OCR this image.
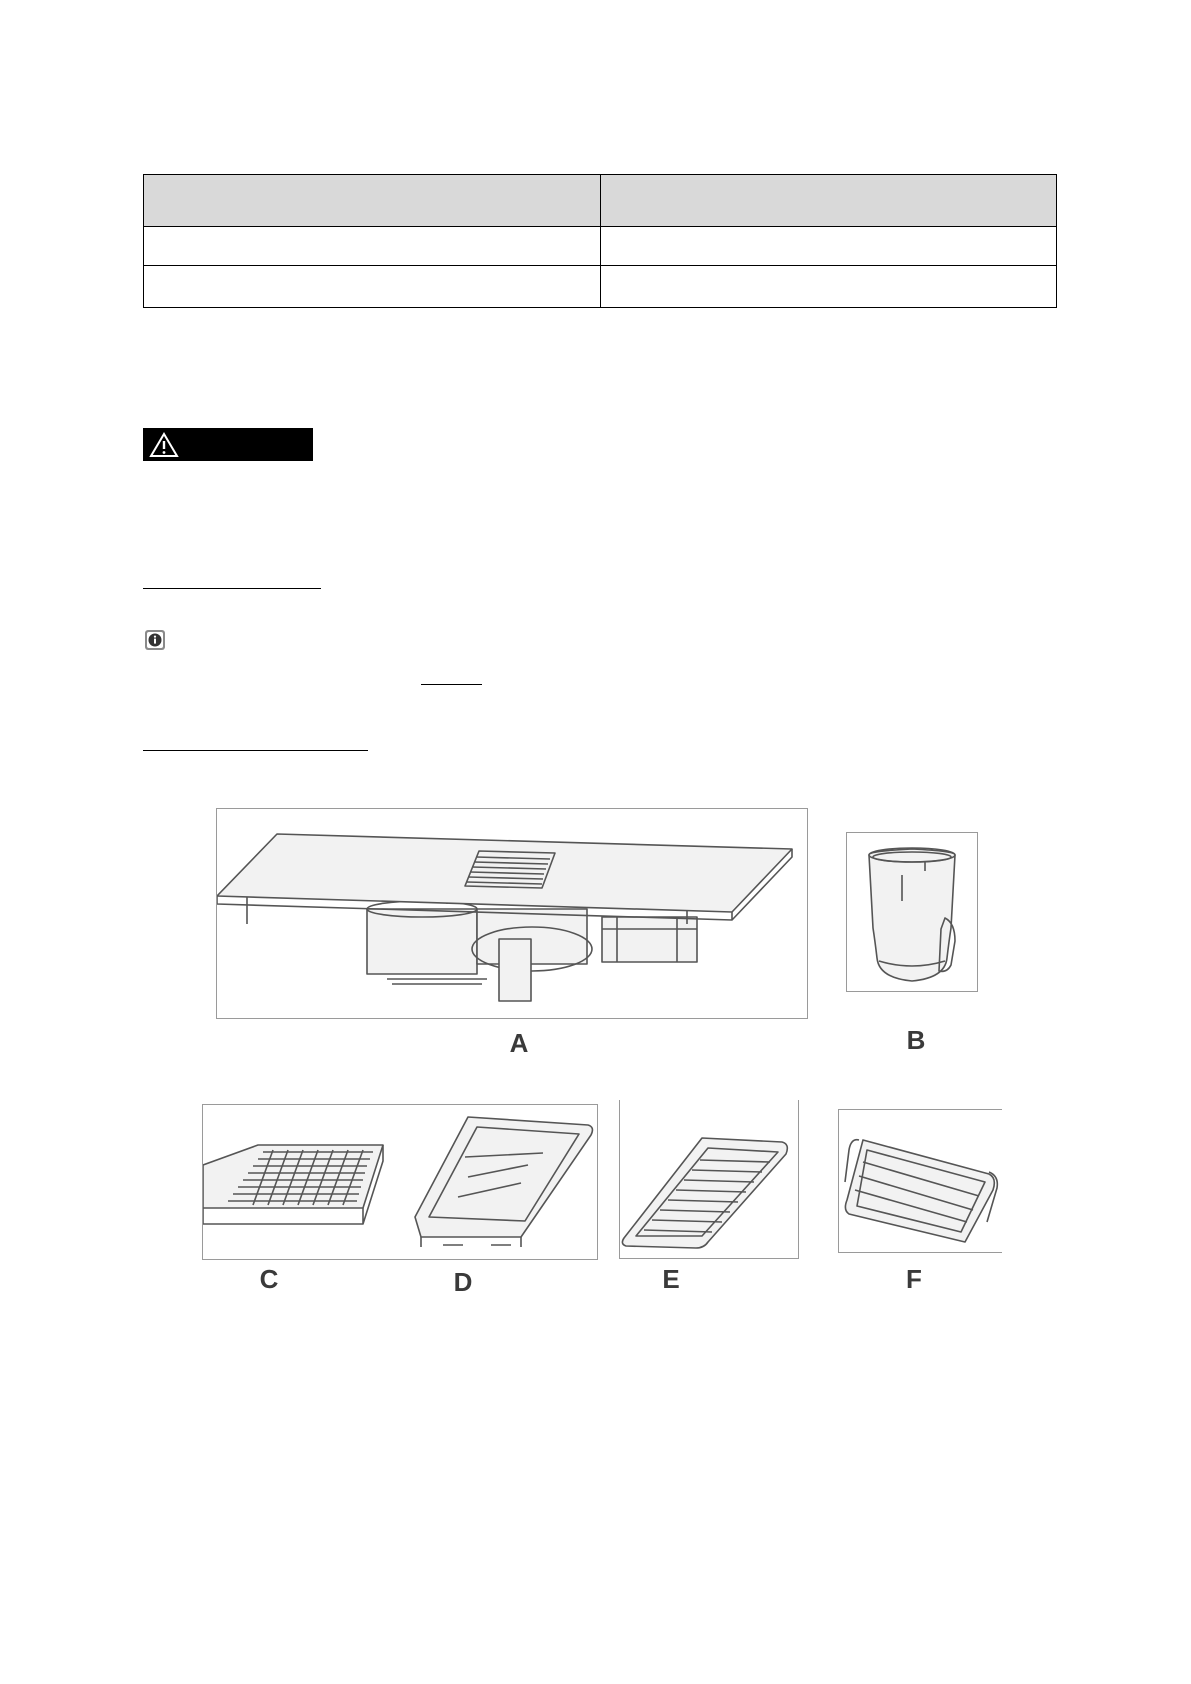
A	B
C	D	E	F
